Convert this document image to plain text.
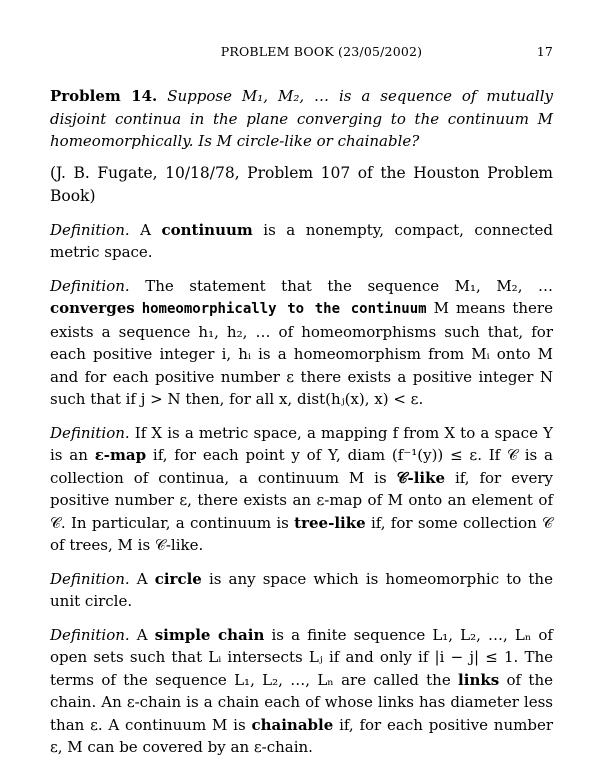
PROBLEM BOOK (23/05/2002)	17

Problem 14. Suppose M₁, M₂, … is a sequence of mutually disjoint continua in the plane converging to the continuum M homeomorphically. Is M circle-like or chainable?

(J. B. Fugate, 10/18/78, Problem 107 of the Houston Problem Book)

Definition. A continuum is a nonempty, compact, connected metric space.

Definition. The statement that the sequence M₁, M₂, … converges homeomorphically to the continuum M means there exists a sequence h₁, h₂, … of homeomorphisms such that, for each positive integer i, hᵢ is a homeomorphism from Mᵢ onto M and for each positive number ε there exists a positive integer N such that if j > N then, for all x, dist(hⱼ(x), x) < ε.

Definition. If X is a metric space, a mapping f from X to a space Y is an ε-map if, for each point y of Y, diam (f⁻¹(y)) ≤ ε. If 𝒞 is a collection of continua, a continuum M is 𝒞-like if, for every positive number ε, there exists an ε-map of M onto an element of 𝒞. In particular, a continuum is tree-like if, for some collection 𝒞 of trees, M is 𝒞-like.

Definition. A circle is any space which is homeomorphic to the unit circle.

Definition. A simple chain is a finite sequence L₁, L₂, …, Lₙ of open sets such that Lᵢ intersects Lⱼ if and only if |i − j| ≤ 1. The terms of the sequence L₁, L₂, …, Lₙ are called the links of the chain. An ε-chain is a chain each of whose links has diameter less than ε. A continuum M is chainable if, for each positive number ε, M can be covered by an ε-chain.
